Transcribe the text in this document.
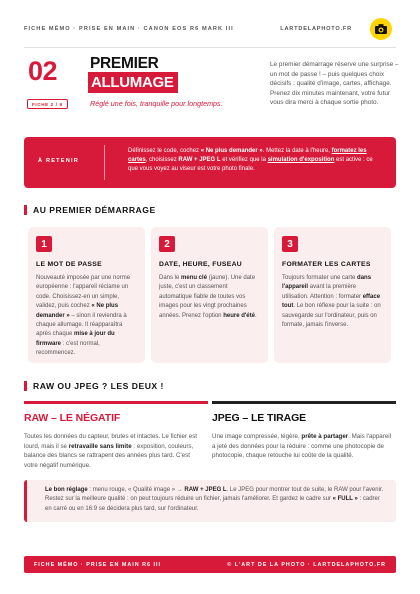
FICHE MÉMO · PRISE EN MAIN · CANON EOS R6 MARK III	LARTDELAPHOTO.FR
02
FICHE 2 / 9
PREMIER
ALLUMAGE
Réglé une fois, tranquille pour longtemps.
Le premier démarrage réserve une surprise – un mot de passe ! – puis quelques choix décisifs : qualité d'image, cartes, affichage. Prenez dix minutes maintenant, votre futur vous dira merci à chaque sortie photo.
À RETENIR
Définissez le code, cochez « Ne plus demander ». Mettez la date à l'heure, formatez les cartes, choisissez RAW + JPEG L et vérifiez que la simulation d'exposition est active : ce que vous voyez au viseur est votre photo finale.
AU PREMIER DÉMARRAGE
1
LE MOT DE PASSE
Nouveauté imposée par une norme européenne : l'appareil réclame un code. Choisissez-en un simple, validez, puis cochez « Ne plus demander » – sinon il reviendra à chaque allumage. Il réapparaîtra après chaque mise à jour du firmware : c'est normal, recommencez.
2
DATE, HEURE, FUSEAU
Dans le menu clé (jaune). Une date juste, c'est un classement automatique fiable de toutes vos images pour les vingt prochaines années. Prenez l'option heure d'été.
3
FORMATER LES CARTES
Toujours formater une carte dans l'appareil avant la première utilisation. Attention : formater efface tout. Le bon réflexe pour la suite : on sauvegarde sur l'ordinateur, puis on formate, jamais l'inverse.
RAW OU JPEG ? LES DEUX !
RAW – LE NÉGATIF
Toutes les données du capteur, brutes et intactes. Le fichier est lourd, mais il se retravaille sans limite : exposition, couleurs, balance des blancs se rattrapent des années plus tard. C'est votre négatif numérique.
JPEG – LE TIRAGE
Une image compressée, légère, prête à partager. Mais l'appareil a jeté des données pour la réduire : comme une photocopie de photocopie, chaque retouche lui coûte de la qualité.
Le bon réglage : menu rouge, « Qualité image » → RAW + JPEG L. Le JPEG pour montrer tout de suite, le RAW pour l'avenir. Restez sur la meilleure qualité : on peut toujours réduire un fichier, jamais l'améliorer. Et gardez le cadre sur « FULL » : cadrer en carré ou en 16:9 se décidera plus tard, sur l'ordinateur.
FICHE MÉMO · PRISE EN MAIN R6 III	© L'ART DE LA PHOTO · LARTDELAPHOTO.FR
